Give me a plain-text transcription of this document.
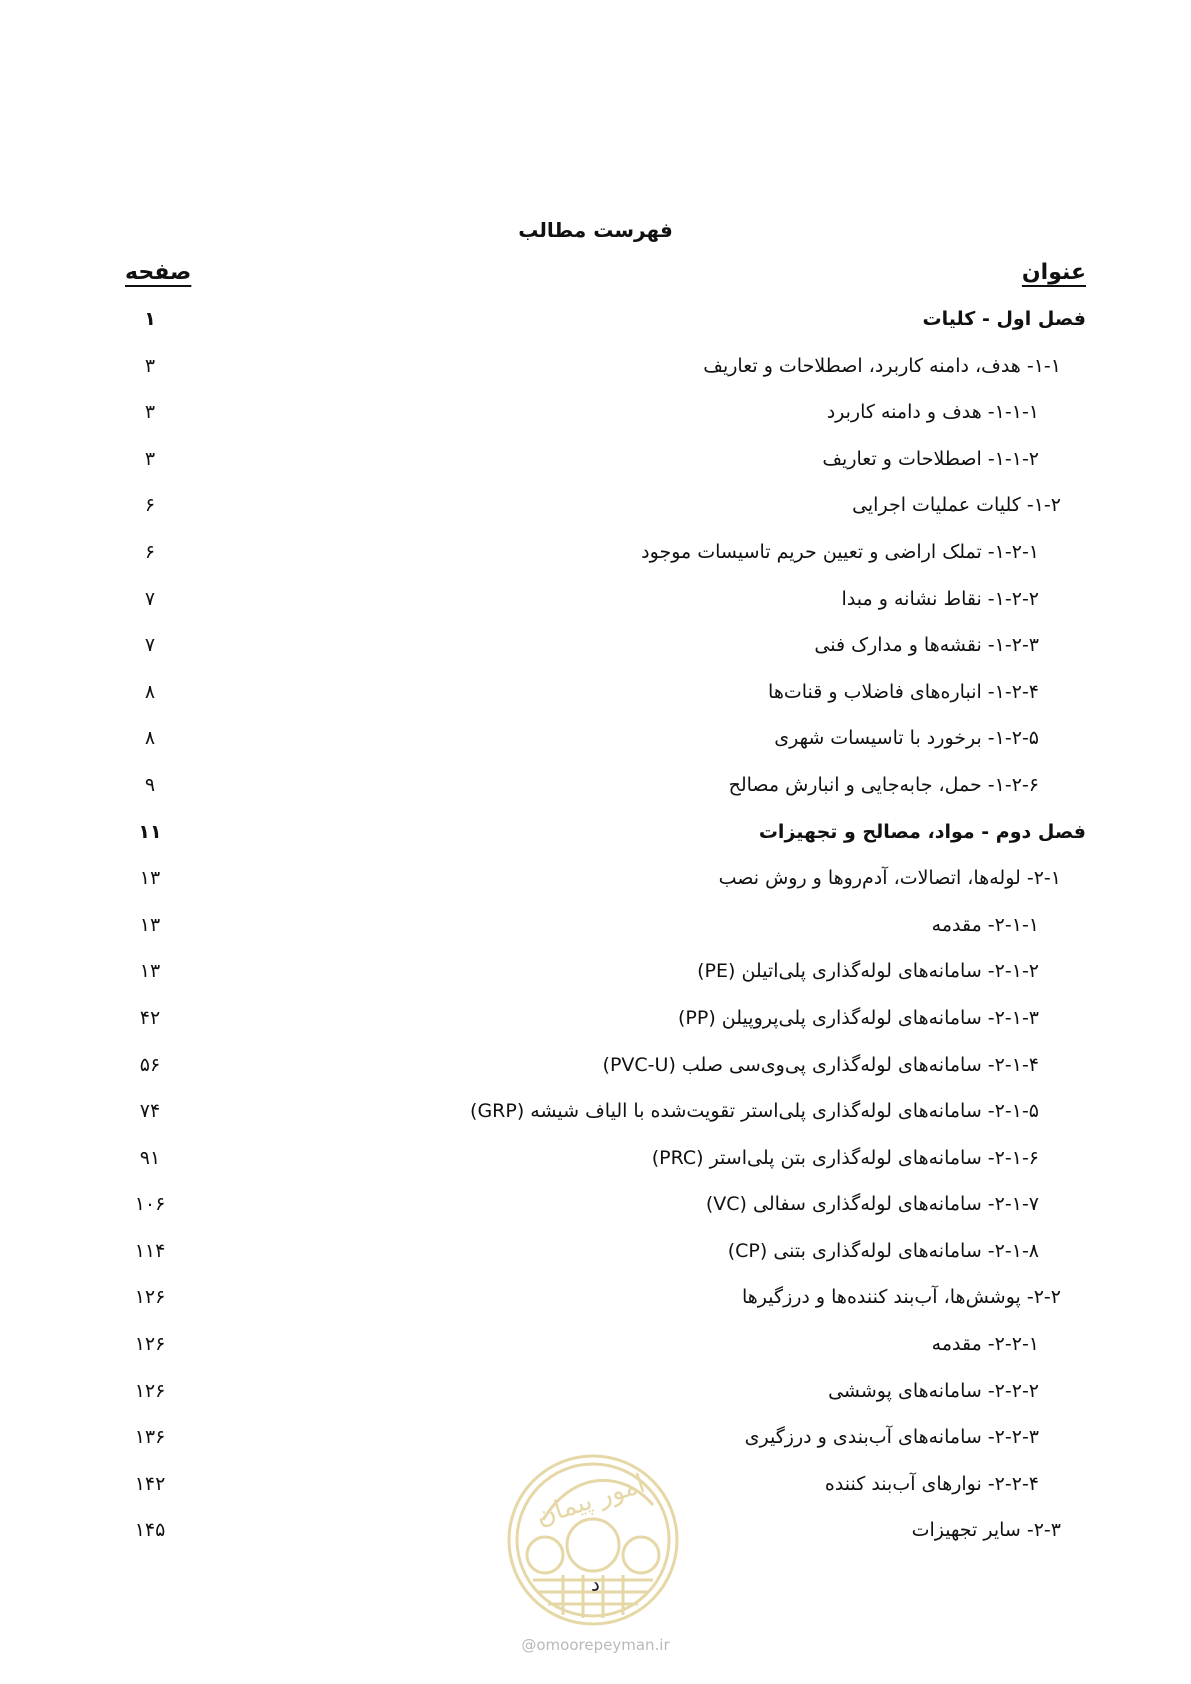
فهرست مطالب
عنوان
صفحه
فصل اول - کلیات
۱
۱-۱- هدف، دامنه کاربرد، اصطلاحات و تعاریف
۳
۱-۱-۱- هدف و دامنه کاربرد
۳
۱-۱-۲- اصطلاحات و تعاریف
۳
۱-۲- کلیات عملیات اجرایی
۶
۱-۲-۱- تملک اراضی و تعیین حریم تاسیسات موجود
۶
۱-۲-۲- نقاط نشانه و مبدا
۷
۱-۲-۳- نقشه‌ها و مدارک فنی
۷
۱-۲-۴- انباره‌های فاضلاب و قنات‌ها
۸
۱-۲-۵- برخورد با تاسیسات شهری
۸
۱-۲-۶- حمل، جابه‌جایی و انبارش مصالح
۹
فصل دوم - مواد، مصالح و تجهیزات
۱۱
۲-۱- لوله‌ها، اتصالات، آدم‌روها و روش نصب
۱۳
۲-۱-۱- مقدمه
۱۳
۲-۱-۲- سامانه‌های لوله‌گذاری پلی‌اتیلن (PE)
۱۳
۲-۱-۳- سامانه‌های لوله‌گذاری پلی‌پروپیلن (PP)
۴۲
۲-۱-۴- سامانه‌های لوله‌گذاری پی‌وی‌سی صلب (PVC-U)
۵۶
۲-۱-۵- سامانه‌های لوله‌گذاری پلی‌استر تقویت‌شده با الیاف شیشه (GRP)
۷۴
۲-۱-۶- سامانه‌های لوله‌گذاری بتن پلی‌استر (PRC)
۹۱
۲-۱-۷- سامانه‌های لوله‌گذاری سفالی (VC)
۱۰۶
۲-۱-۸- سامانه‌های لوله‌گذاری بتنی (CP)
۱۱۴
۲-۲- پوشش‌ها، آب‌بند کننده‌ها و درزگیرها
۱۲۶
۲-۲-۱- مقدمه
۱۲۶
۲-۲-۲- سامانه‌های پوششی
۱۲۶
۲-۲-۳- سامانه‌های آب‌بندی و درزگیری
۱۳۶
۲-۲-۴- نوارهای آب‌بند کننده
۱۴۲
۲-۳- سایر تجهیزات
۱۴۵	امور پیمان
د
@omoorepeyman.ir
